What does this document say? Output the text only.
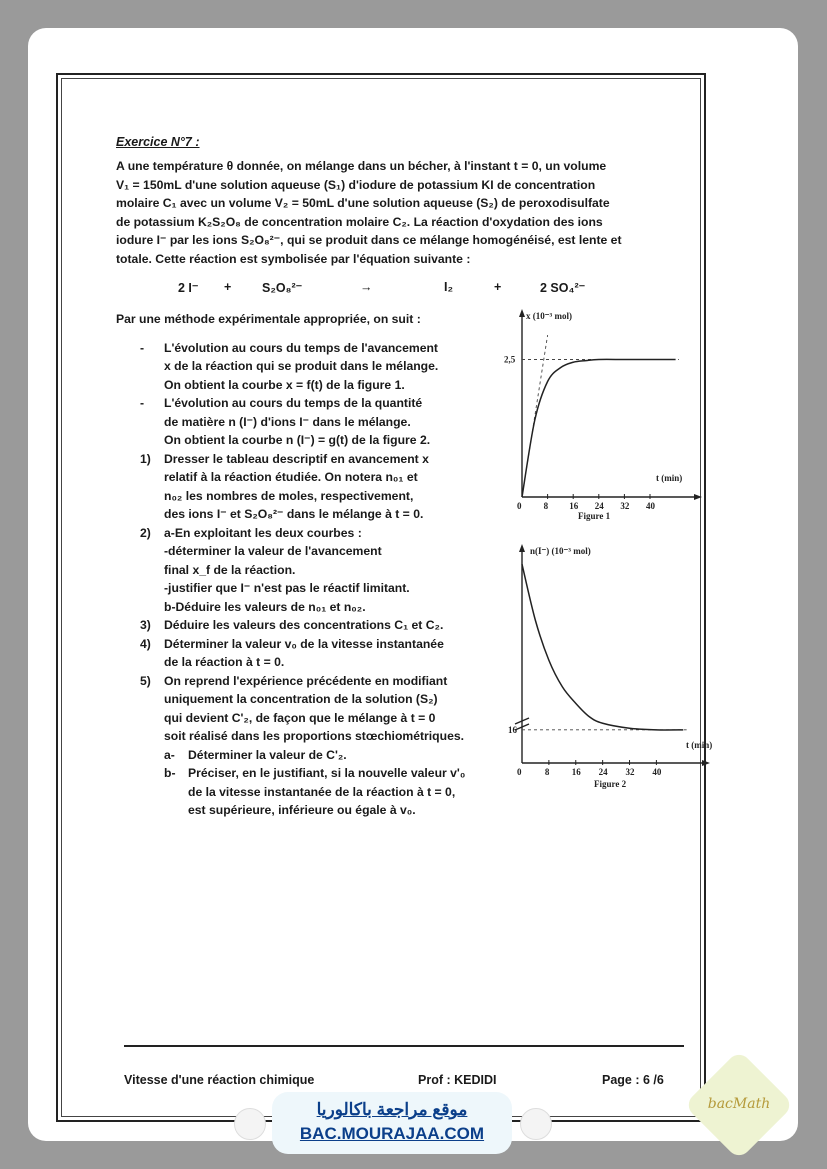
Exercice N°7 :
A une température θ donnée, on mélange dans un bécher, à l'instant t = 0, un volume
V₁ = 150mL d'une solution aqueuse (S₁) d'iodure de potassium KI de concentration
molaire C₁ avec un volume V₂ = 50mL d'une solution aqueuse (S₂) de peroxodisulfate
de potassium K₂S₂O₈ de concentration molaire C₂. La réaction d'oxydation des ions
iodure I⁻ par les ions S₂O₈²⁻, qui se produit dans ce mélange homogénéisé, est lente et
totale. Cette réaction est symbolisée par l'équation suivante :
2 I⁻ + S₂O₈²⁻	→	I₂	+	2 SO₄²⁻
Par une méthode expérimentale appropriée, on suit :
- L'évolution au cours du temps de l'avancement
x de la réaction qui se produit dans le mélange.
On obtient la courbe x = f(t) de la figure 1.
- L'évolution au cours du temps de la quantité
de matière n (I⁻) d'ions I⁻ dans le mélange.
On obtient la courbe n (I⁻) = g(t) de la figure 2.
1) Dresser le tableau descriptif en avancement x
relatif à la réaction étudiée. On notera n₀₁ et
n₀₂ les nombres de moles, respectivement,
des ions I⁻ et S₂O₈²⁻ dans le mélange à t = 0.
2) a-En exploitant les deux courbes :
-déterminer la valeur de l'avancement
final x_f de la réaction.
-justifier que I⁻ n'est pas le réactif limitant.
b-Déduire les valeurs de n₀₁ et n₀₂.
3) Déduire les valeurs des concentrations C₁ et C₂.
4) Déterminer la valeur v₀ de la vitesse instantanée
de la réaction à t = 0.
5) On reprend l'expérience précédente en modifiant
uniquement la concentration de la solution (S₂)
qui devient C'₂, de façon que le mélange à t = 0
soit réalisé dans les proportions stœchiométriques.
a- Déterminer la valeur de C'₂.
b- Préciser, en le justifiant, si la nouvelle valeur v'₀
de la vitesse instantanée de la réaction à t = 0,
est supérieure, inférieure ou égale à v₀.
0 8 16 24 32 40
x (10⁻³ mol)
t (min)
2,5
Figure 1
0	8 16 24 32 40
n(I⁻) (10⁻³ mol)
t (min)
16
Figure 2
Vitesse d'une réaction chimique	Prof : KEDIDI	Page : 6 /6
موقع مراجعة باكالوريا
BAC.MOURAJAA.COM
bacMath
